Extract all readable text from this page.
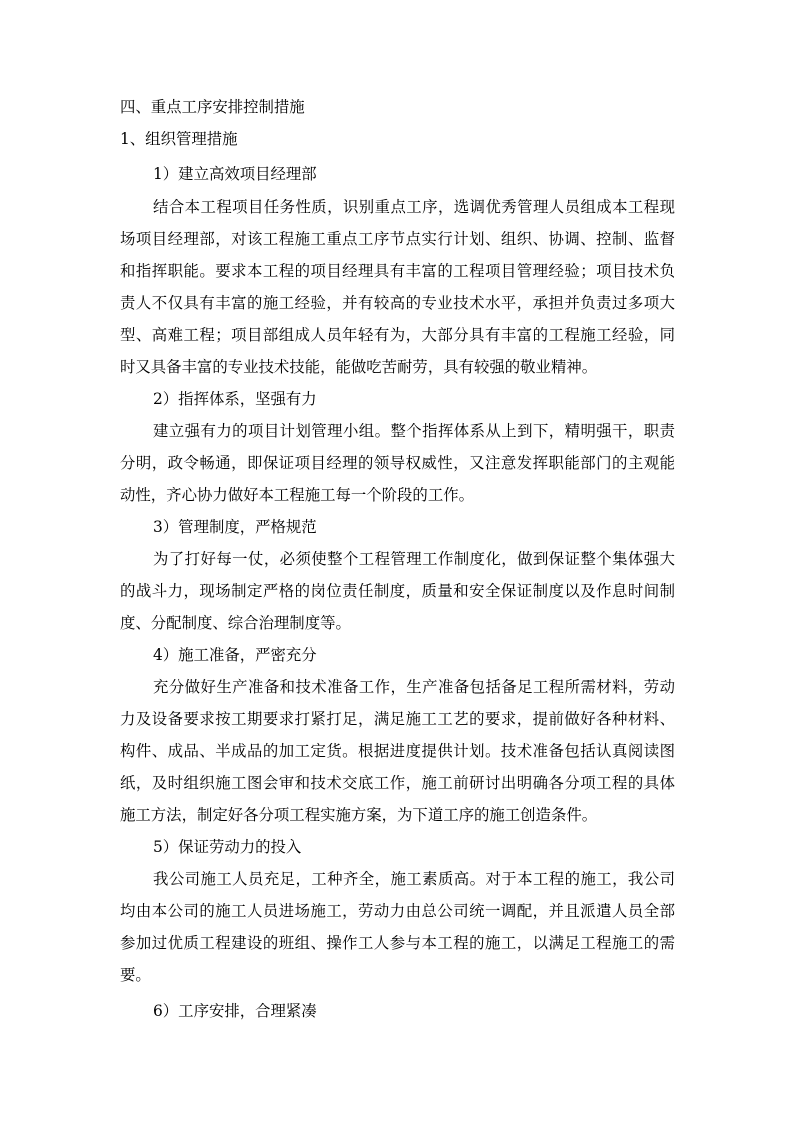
四、重点工序安排控制措施
1、组织管理措施
1）建立高效项目经理部
结合本工程项目任务性质，识别重点工序，选调优秀管理人员组成本工程现
场项目经理部，对该工程施工重点工序节点实行计划、组织、协调、控制、监督
和指挥职能。要求本工程的项目经理具有丰富的工程项目管理经验；项目技术负
责人不仅具有丰富的施工经验，并有较高的专业技术水平，承担并负责过多项大
型、高难工程；项目部组成人员年轻有为，大部分具有丰富的工程施工经验，同
时又具备丰富的专业技术技能，能做吃苦耐劳，具有较强的敬业精神。
2）指挥体系，坚强有力
建立强有力的项目计划管理小组。整个指挥体系从上到下，精明强干，职责
分明，政令畅通，即保证项目经理的领导权威性，又注意发挥职能部门的主观能
动性，齐心协力做好本工程施工每一个阶段的工作。
3）管理制度，严格规范
为了打好每一仗，必须使整个工程管理工作制度化，做到保证整个集体强大
的战斗力，现场制定严格的岗位责任制度，质量和安全保证制度以及作息时间制
度、分配制度、综合治理制度等。
4）施工准备，严密充分
充分做好生产准备和技术准备工作，生产准备包括备足工程所需材料，劳动
力及设备要求按工期要求打紧打足，满足施工工艺的要求，提前做好各种材料、
构件、成品、半成品的加工定货。根据进度提供计划。技术准备包括认真阅读图
纸，及时组织施工图会审和技术交底工作，施工前研讨出明确各分项工程的具体
施工方法，制定好各分项工程实施方案，为下道工序的施工创造条件。
5）保证劳动力的投入
我公司施工人员充足，工种齐全，施工素质高。对于本工程的施工，我公司
均由本公司的施工人员进场施工，劳动力由总公司统一调配，并且派遣人员全部
参加过优质工程建设的班组、操作工人参与本工程的施工，以满足工程施工的需
要。
6）工序安排，合理紧凑
